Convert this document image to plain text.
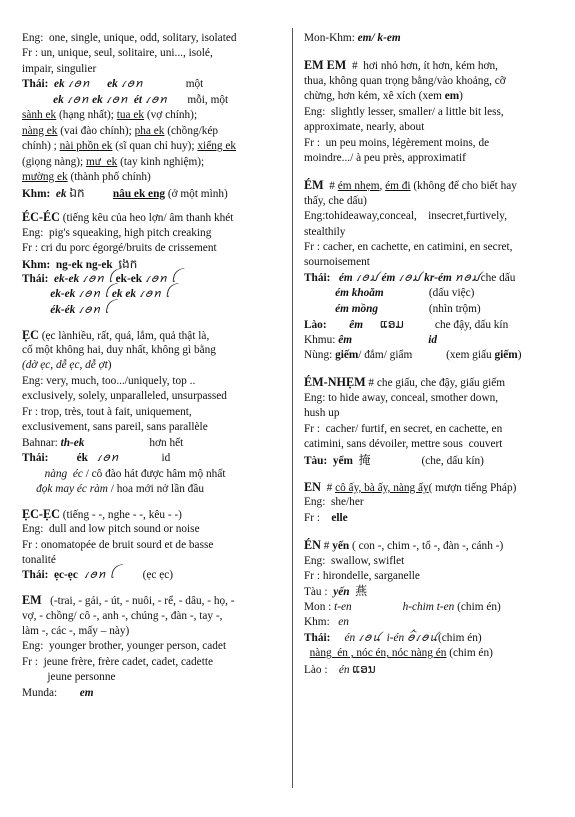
Eng:  one, single, unique, odd, solitary, isolated
Fr : un, unique, seul, solitaire, uni..., isolé,
impair, singulier
Thái:  ek ꪹꪮꪀ      ek ꪹꪮꪀ               một
ek ꪹꪮꪀ ek ꪹꪮꪀ  ét ꪹꪮꪀ       mỗi, một
sành ek (hạng nhất); tua ek (vợ chính);
nàng ek (vai đào chính); pha ek (chồng/kép
chính) ; nài phồn ek (sĩ quan chỉ huy); xiểng ek
(giọng nàng); mư  ek (tay kinh nghiệm);
mường ek (thành phố chính)
Khm:  ek ឯក	nâu ek eng (ở một mình)
ÉC-ÉC (tiếng kêu của heo lợn/ âm thanh khét
Eng:  pig's squeaking, high pitch creaking
Fr : cri du porc égorgé/bruits de crissement
Khm:  ng-ek ng-ek  ងេក
Thái:  ek-ek ꪹꪮꪀ ꪶ ek-ek ꪹꪮꪀ ꪶ
ek-ek ꪹꪮꪀ ꪶ ek ek ꪹꪮꪀ ꪶ
ék-ék ꪹꪮꪀ ꪶ
ẸC (ẹc lànhiều, rất, quá, lắm, quả thật là,
cố một không hai, duy nhất, không gì bằng
(dờ ẹc, dễ ẹc, dễ ợt)
Eng: very, much, too.../uniquely, top ..
exclusively, solely, unparalleled, unsurpassed
Fr : trop, très, tout à fait, uniquement,
exclusivement, sans pareil, sans parallèle
Bahnar: th-ek                       hơn hết
Thái:          ék ꪹꪮꪀ               id
nàng  éc / cô đào hát được hâm mộ nhất
đọk may éc ràm / hoa mới nở lần đầu
ẸC-ẸC (tiếng - -, nghe - -, kêu - -)
Eng:  dull and low pitch sound or noise
Fr : onomatopée de bruit sourd et de basse
tonalité
Thái:  ẹc-ẹc ꪹꪮꪀ ꪶ          (ẹc ẹc)
EM   (-trai, - gái, - út, - nuôi, - rể, - dâu, - họ, -
vợ, - chồng/ cô -, anh -, chúng -, đàn -, tay -,
làm -, các -, mấy – này)
Eng:  younger brother, younger person, cadet
Fr :  jeune frère, frère cadet, cadet, cadette
jeune personne
Munda:        em
Mon-Khm: em/ k-em
EM EM  #  hơi nhỏ hơn, ít hơn, kém hơn,
thua, không quan trọng bằng/vào khoảng, cỡ
chừng, hơn kém, xê xích (xem em)
Eng:  slightly lesser, smaller/ a little bit less,
approximate, nearly, about
Fr :  un peu moins, légèrement moins, de
moindre.../ à peu près, approximatif
ÉM  # ém nhẹm, ém đi (không để cho biết hay
thấy, che dấu)
Eng:tohideaway,conceal,    insecret,furtively,
stealthily
Fr : cacher, en cachette, en catimini, en secret,
sournoisement
Thái:   ém ꪹꪮꪣ ém ꪹꪮꪣ kr-ém ꪀꪮꪣche dấu
ém khoăm                (dấu việc)
ém mồng                  (nhìn trộm)
Lào:        êm ແອມ           che đậy, dấu kín
Khmu: êm	id
Nùng: giếm/ đắm/ giẩm            (xem giấu giếm)
ÉM-NHẸM # che giấu, che đậy, giấu giếm
Eng: to hide away, conceal, smother down,
hush up
Fr :  cacher/ furtif, en secret, en cachette, en
catimini, sans dévoiler, mettre sous  couvert
Tàu:  yểm 掩                  (che, dấu kín)
EN  # cô ấy, bà ấy, nàng ấy( mượn tiếng Pháp)
Eng:  she/her
Fr :    elle
ÉN # yến ( con -, chim -, tổ -, đàn -, cánh -)
Eng:  swallow, swiflet
Fr : hirondelle, sarganelle
Tàu :  yến 燕
Mon : t-en	h-chim t-en (chim én)
Khm:   en
Thái:     én ꪹꪮꪙ  i-én ꪮꪲꪹꪮꪙ(chim én)
nàng  én , nóc én, nóc nàng én (chim én)
Lào :    én ແອນ
